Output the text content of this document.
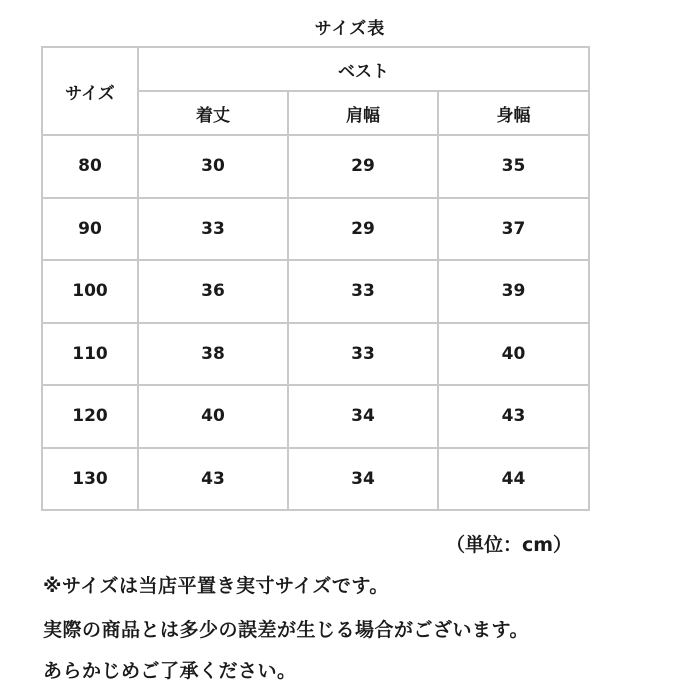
サイズ表
サイズ	ベスト		
	着丈	肩幅	身幅
80	30	29	35
90	33	29	37
100	36	33	39
110	38	33	40
120	40	34	43
130	43	34	44
（単位：cm）
※サイズは当店平置き実寸サイズです。
実際の商品とは多少の誤差が生じる場合がございます。
あらかじめご了承ください。
